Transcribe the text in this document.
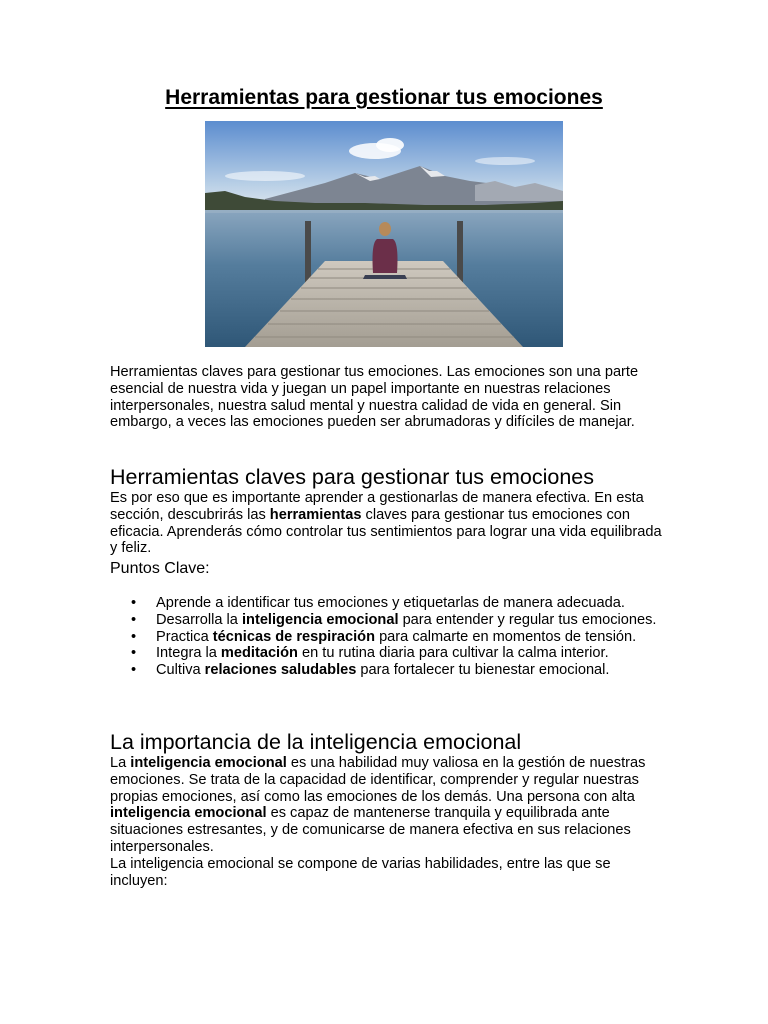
Herramientas para gestionar tus emociones

Herramientas claves para gestionar tus emociones. Las emociones son una parte esencial de nuestra vida y juegan un papel importante en nuestras relaciones interpersonales, nuestra salud mental y nuestra calidad de vida en general. Sin embargo, a veces las emociones pueden ser abrumadoras y difíciles de manejar.

Herramientas claves para gestionar tus emociones

Es por eso que es importante aprender a gestionarlas de manera efectiva. En esta sección, descubrirás las herramientas claves para gestionar tus emociones con eficacia. Aprenderás cómo controlar tus sentimientos para lograr una vida equilibrada y feliz.

Puntos Clave:
• Aprende a identificar tus emociones y etiquetarlas de manera adecuada.
• Desarrolla la inteligencia emocional para entender y regular tus emociones.
• Practica técnicas de respiración para calmarte en momentos de tensión.
• Integra la meditación en tu rutina diaria para cultivar la calma interior.
• Cultiva relaciones saludables para fortalecer tu bienestar emocional.
La importancia de la inteligencia emocional

La inteligencia emocional es una habilidad muy valiosa en la gestión de nuestras emociones. Se trata de la capacidad de identificar, comprender y regular nuestras propias emociones, así como las emociones de los demás. Una persona con alta inteligencia emocional es capaz de mantenerse tranquila y equilibrada ante situaciones estresantes, y de comunicarse de manera efectiva en sus relaciones interpersonales.

La inteligencia emocional se compone de varias habilidades, entre las que se incluyen:
